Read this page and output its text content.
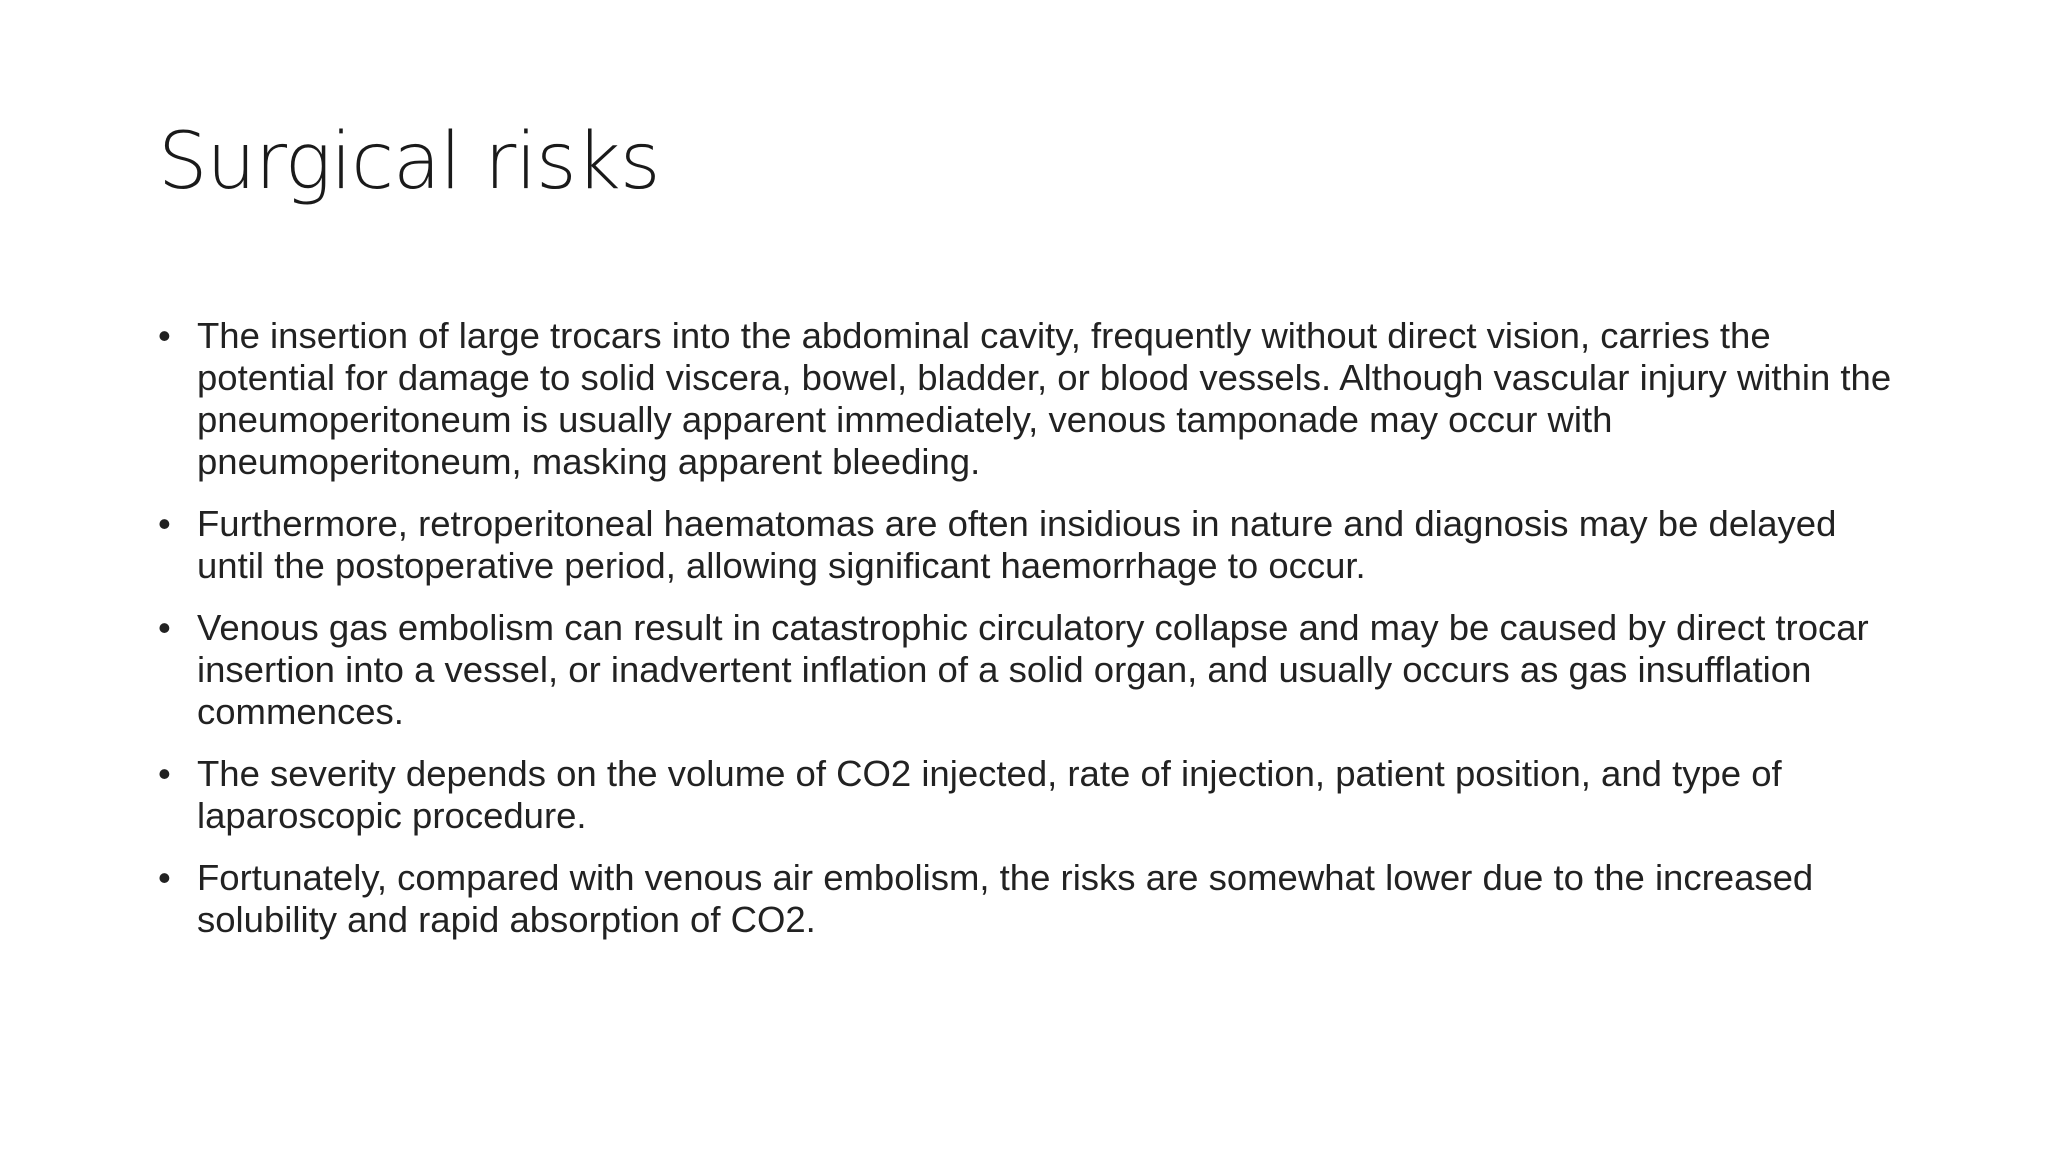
Surgical risks
• The insertion of large trocars into the abdominal cavity, frequently without direct vision, carries the potential for damage to solid viscera, bowel, bladder, or blood vessels. Although vascular injury within the pneumoperitoneum is usually apparent immediately, venous tamponade may occur with pneumoperitoneum, masking apparent bleeding.
• Furthermore, retroperitoneal haematomas are often insidious in nature and diagnosis may be delayed until the postoperative period, allowing significant haemorrhage to occur.
• Venous gas embolism can result in catastrophic circulatory collapse and may be caused by direct trocar insertion into a vessel, or inadvertent inflation of a solid organ, and usually occurs as gas insufflation commences.
• The severity depends on the volume of CO2 injected, rate of injection, patient position, and type of laparoscopic procedure.
• Fortunately, compared with venous air embolism, the risks are somewhat lower due to the increased solubility and rapid absorption of CO2.
